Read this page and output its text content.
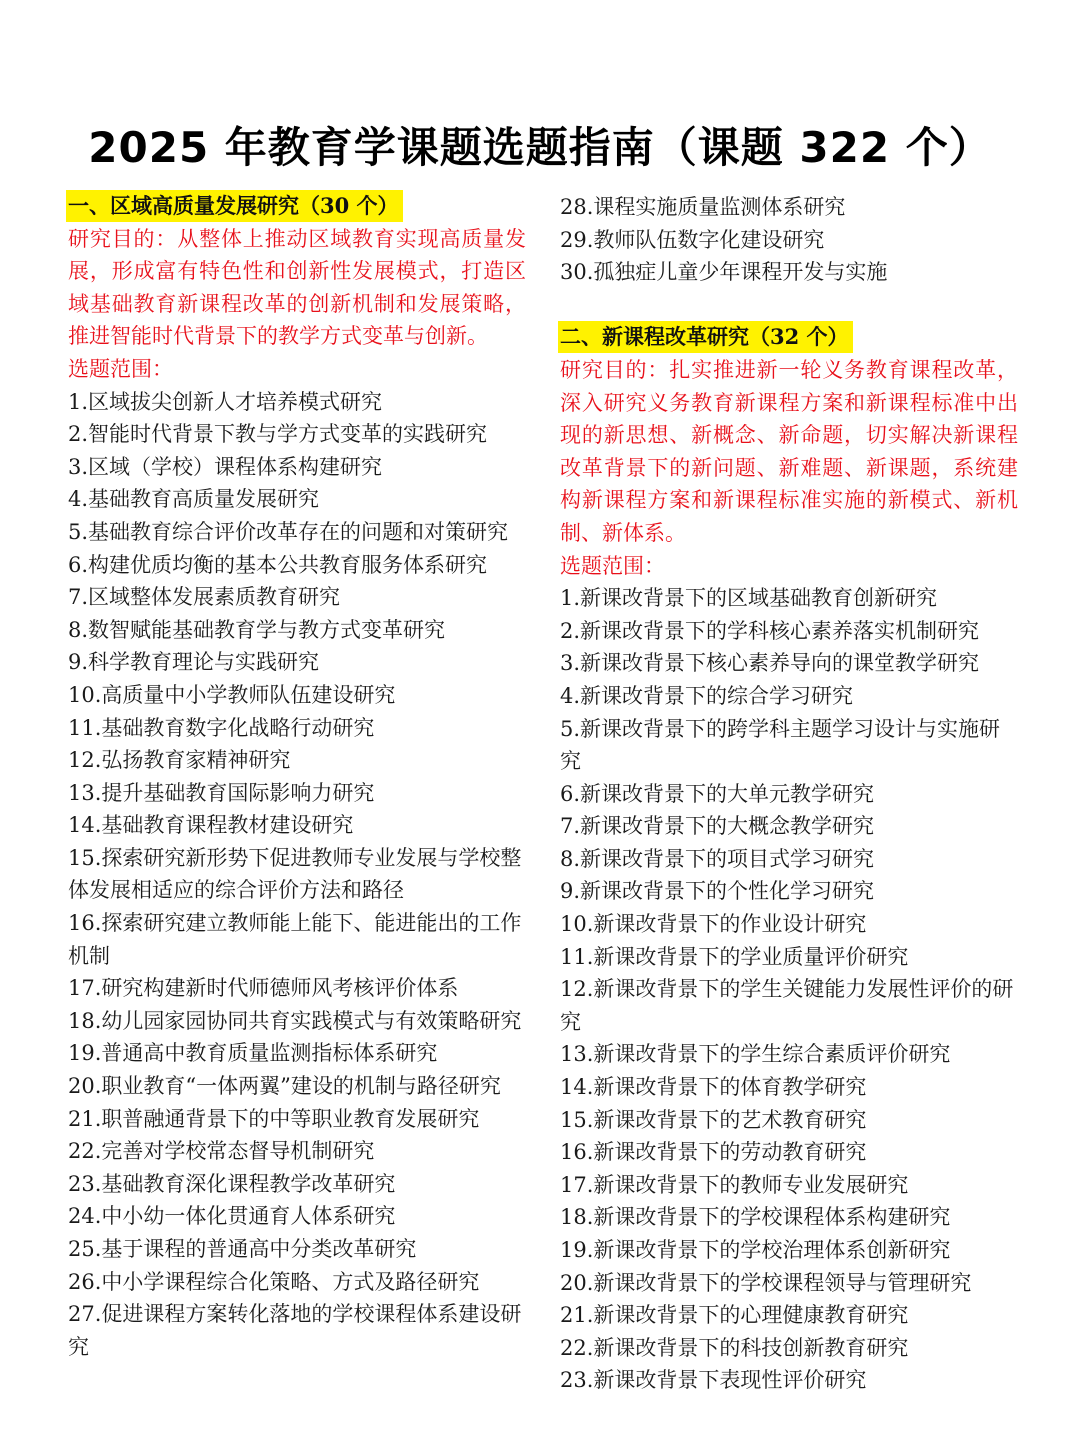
2025 年教育学课题选题指南（课题 322 个）

一、区域高质量发展研究（30 个）

研究目的：从整体上推动区域教育实现高质量发展，形成富有特色性和创新性发展模式，打造区域基础教育新课程改革的创新机制和发展策略，推进智能时代背景下的教学方式变革与创新。

选题范围：

1.区域拔尖创新人才培养模式研究

2.智能时代背景下教与学方式变革的实践研究

3.区域（学校）课程体系构建研究

4.基础教育高质量发展研究

5.基础教育综合评价改革存在的问题和对策研究

6.构建优质均衡的基本公共教育服务体系研究

7.区域整体发展素质教育研究

8.数智赋能基础教育学与教方式变革研究

9.科学教育理论与实践研究

10.高质量中小学教师队伍建设研究

11.基础教育数字化战略行动研究

12.弘扬教育家精神研究

13.提升基础教育国际影响力研究

14.基础教育课程教材建设研究

15.探索研究新形势下促进教师专业发展与学校整体发展相适应的综合评价方法和路径

16.探索研究建立教师能上能下、能进能出的工作机制

17.研究构建新时代师德师风考核评价体系

18.幼儿园家园协同共育实践模式与有效策略研究

19.普通高中教育质量监测指标体系研究

20.职业教育“一体两翼”建设的机制与路径研究

21.职普融通背景下的中等职业教育发展研究

22.完善对学校常态督导机制研究

23.基础教育深化课程教学改革研究

24.中小幼一体化贯通育人体系研究

25.基于课程的普通高中分类改革研究

26.中小学课程综合化策略、方式及路径研究

27.促进课程方案转化落地的学校课程体系建设研究

28.课程实施质量监测体系研究

29.教师队伍数字化建设研究

30.孤独症儿童少年课程开发与实施

二、新课程改革研究（32 个）

研究目的：扎实推进新一轮义务教育课程改革，深入研究义务教育新课程方案和新课程标准中出现的新思想、新概念、新命题，切实解决新课程改革背景下的新问题、新难题、新课题，系统建构新课程方案和新课程标准实施的新模式、新机制、新体系。

选题范围：

1.新课改背景下的区域基础教育创新研究

2.新课改背景下的学科核心素养落实机制研究

3.新课改背景下核心素养导向的课堂教学研究

4.新课改背景下的综合学习研究

5.新课改背景下的跨学科主题学习设计与实施研究

6.新课改背景下的大单元教学研究

7.新课改背景下的大概念教学研究

8.新课改背景下的项目式学习研究

9.新课改背景下的个性化学习研究

10.新课改背景下的作业设计研究

11.新课改背景下的学业质量评价研究

12.新课改背景下的学生关键能力发展性评价的研究

13.新课改背景下的学生综合素质评价研究

14.新课改背景下的体育教学研究

15.新课改背景下的艺术教育研究

16.新课改背景下的劳动教育研究

17.新课改背景下的教师专业发展研究

18.新课改背景下的学校课程体系构建研究

19.新课改背景下的学校治理体系创新研究

20.新课改背景下的学校课程领导与管理研究

21.新课改背景下的心理健康教育研究

22.新课改背景下的科技创新教育研究

23.新课改背景下表现性评价研究
